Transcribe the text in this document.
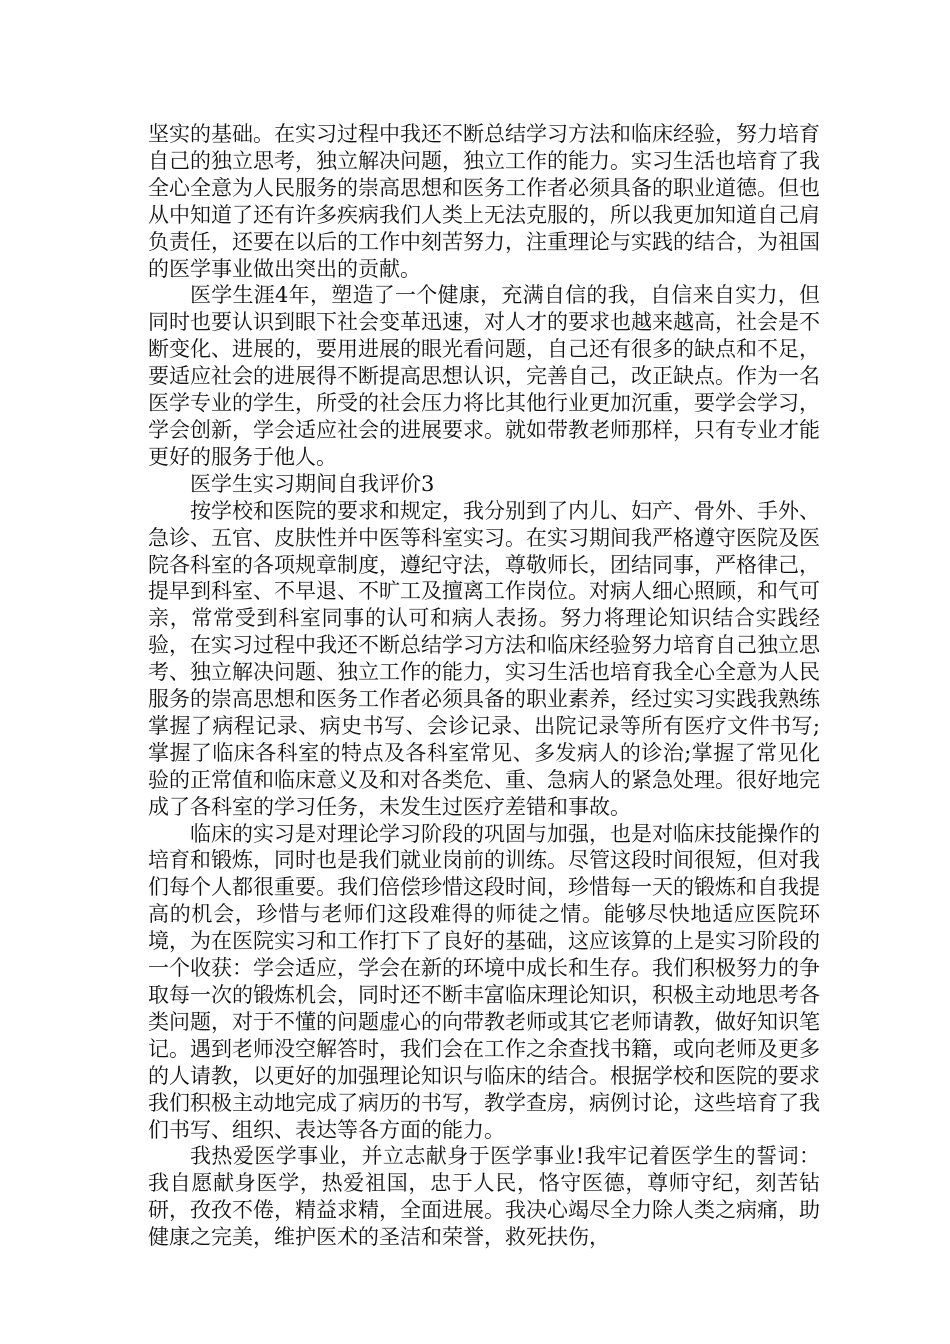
坚实的基础。在实习过程中我还不断总结学习方法和临床经验，努力培育自己的独立思考，独立解决问题，独立工作的能力。实习生活也培育了我全心全意为人民服务的崇高思想和医务工作者必须具备的职业道德。但也从中知道了还有许多疾病我们人类上无法克服的，所以我更加知道自己肩负责任，还要在以后的工作中刻苦努力，注重理论与实践的结合，为祖国的医学事业做出突出的贡献。

医学生涯4年，塑造了一个健康，充满自信的我，自信来自实力，但同时也要认识到眼下社会变革迅速，对人才的要求也越来越高，社会是不断变化、进展的，要用进展的眼光看问题，自己还有很多的缺点和不足，要适应社会的进展得不断提高思想认识，完善自己，改正缺点。作为一名医学专业的学生，所受的社会压力将比其他行业更加沉重，要学会学习，学会创新，学会适应社会的进展要求。就如带教老师那样，只有专业才能更好的服务于他人。

医学生实习期间自我评价3

按学校和医院的要求和规定，我分别到了内儿、妇产、骨外、手外、急诊、五官、皮肤性并中医等科室实习。在实习期间我严格遵守医院及医院各科室的各项规章制度，遵纪守法，尊敬师长，团结同事，严格律己，提早到科室、不早退、不旷工及擅离工作岗位。对病人细心照顾，和气可亲，常常受到科室同事的认可和病人表扬。努力将理论知识结合实践经验，在实习过程中我还不断总结学习方法和临床经验努力培育自己独立思考、独立解决问题、独立工作的能力，实习生活也培育我全心全意为人民服务的崇高思想和医务工作者必须具备的职业素养，经过实习实践我熟练掌握了病程记录、病史书写、会诊记录、出院记录等所有医疗文件书写;掌握了临床各科室的特点及各科室常见、多发病人的诊治;掌握了常见化验的正常值和临床意义及和对各类危、重、急病人的紧急处理。很好地完成了各科室的学习任务，未发生过医疗差错和事故。

临床的实习是对理论学习阶段的巩固与加强，也是对临床技能操作的培育和锻炼，同时也是我们就业岗前的训练。尽管这段时间很短，但对我们每个人都很重要。我们倍偿珍惜这段时间，珍惜每一天的锻炼和自我提高的机会，珍惜与老师们这段难得的师徒之情。能够尽快地适应医院环境，为在医院实习和工作打下了良好的基础，这应该算的上是实习阶段的一个收获：学会适应，学会在新的环境中成长和生存。我们积极努力的争取每一次的锻炼机会，同时还不断丰富临床理论知识，积极主动地思考各类问题，对于不懂的问题虚心的向带教老师或其它老师请教，做好知识笔记。遇到老师没空解答时，我们会在工作之余查找书籍，或向老师及更多的人请教，以更好的加强理论知识与临床的结合。根据学校和医院的要求我们积极主动地完成了病历的书写，教学查房，病例讨论，这些培育了我们书写、组织、表达等各方面的能力。

我热爱医学事业，并立志献身于医学事业!我牢记着医学生的誓词：我自愿献身医学，热爱祖国，忠于人民，恪守医德，尊师守纪，刻苦钻研，孜孜不倦，精益求精，全面进展。我决心竭尽全力除人类之病痛，助健康之完美，维护医术的圣洁和荣誉，救死扶伤，
